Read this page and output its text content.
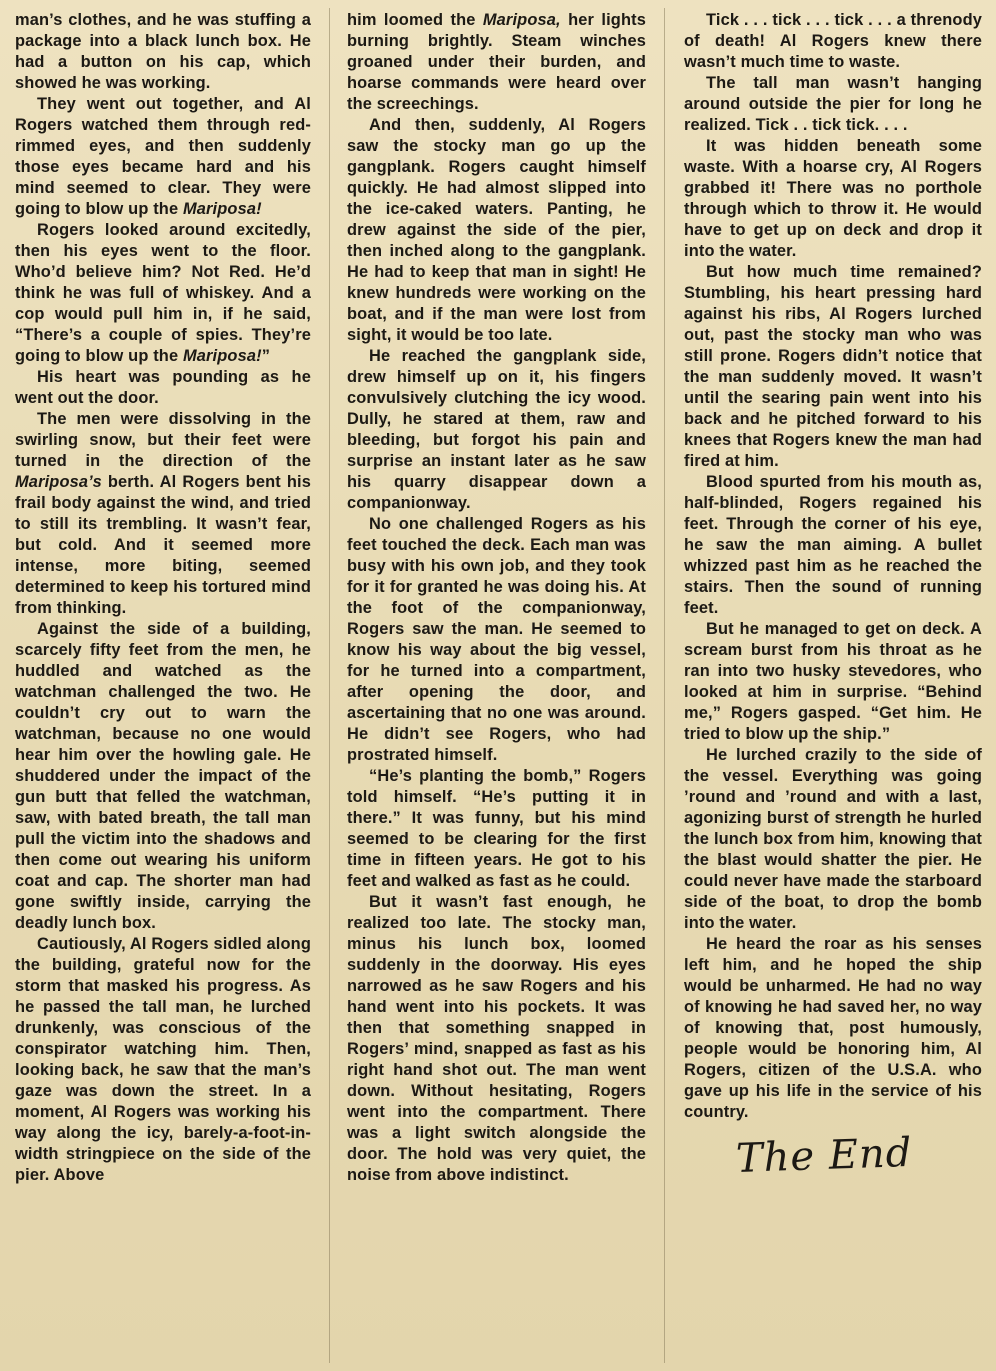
man’s clothes, and he was stuffing a package into a black lunch box. He had a button on his cap, which showed he was working.

They went out together, and Al Rogers watched them through red-rimmed eyes, and then suddenly those eyes became hard and his mind seemed to clear. They were going to blow up the Mariposa!

Rogers looked around excitedly, then his eyes went to the floor. Who’d believe him? Not Red. He’d think he was full of whiskey. And a cop would pull him in, if he said, “There’s a couple of spies. They’re going to blow up the Mariposa!”

His heart was pounding as he went out the door.

The men were dissolving in the swirling snow, but their feet were turned in the direction of the Mariposa’s berth. Al Rogers bent his frail body against the wind, and tried to still its trembling. It wasn’t fear, but cold. And it seemed more intense, more biting, seemed determined to keep his tortured mind from thinking.

Against the side of a building, scarcely fifty feet from the men, he huddled and watched as the watchman challenged the two. He couldn’t cry out to warn the watchman, because no one would hear him over the howling gale. He shuddered under the impact of the gun butt that felled the watchman, saw, with bated breath, the tall man pull the victim into the shadows and then come out wearing his uniform coat and cap. The shorter man had gone swiftly inside, carrying the deadly lunch box.

Cautiously, Al Rogers sidled along the building, grateful now for the storm that masked his progress. As he passed the tall man, he lurched drunkenly, was conscious of the conspirator watching him. Then, looking back, he saw that the man’s gaze was down the street. In a moment, Al Rogers was working his way along the icy, barely-a-foot-in-width stringpiece on the side of the pier. Above

him loomed the Mariposa, her lights burning brightly. Steam winches groaned under their burden, and hoarse commands were heard over the screechings.

And then, suddenly, Al Rogers saw the stocky man go up the gangplank. Rogers caught himself quickly. He had almost slipped into the ice-caked waters. Panting, he drew against the side of the pier, then inched along to the gangplank. He had to keep that man in sight! He knew hundreds were working on the boat, and if the man were lost from sight, it would be too late.

He reached the gangplank side, drew himself up on it, his fingers convulsively clutching the icy wood. Dully, he stared at them, raw and bleeding, but forgot his pain and surprise an instant later as he saw his quarry disappear down a companionway.

No one challenged Rogers as his feet touched the deck. Each man was busy with his own job, and they took for it for granted he was doing his. At the foot of the companionway, Rogers saw the man. He seemed to know his way about the big vessel, for he turned into a compartment, after opening the door, and ascertaining that no one was around. He didn’t see Rogers, who had prostrated himself.

“He’s planting the bomb,” Rogers told himself. “He’s putting it in there.” It was funny, but his mind seemed to be clearing for the first time in fifteen years. He got to his feet and walked as fast as he could.

But it wasn’t fast enough, he realized too late. The stocky man, minus his lunch box, loomed suddenly in the doorway. His eyes narrowed as he saw Rogers and his hand went into his pockets. It was then that something snapped in Rogers’ mind, snapped as fast as his right hand shot out. The man went down. Without hesitating, Rogers went into the compartment. There was a light switch alongside the door. The hold was very quiet, the noise from above indistinct.

Tick . . . tick . . . tick . . . a threnody of death! Al Rogers knew there wasn’t much time to waste.

The tall man wasn’t hanging around outside the pier for long he realized. Tick . . tick tick. . . .

It was hidden beneath some waste. With a hoarse cry, Al Rogers grabbed it! There was no porthole through which to throw it. He would have to get up on deck and drop it into the water.

But how much time remained? Stumbling, his heart pressing hard against his ribs, Al Rogers lurched out, past the stocky man who was still prone. Rogers didn’t notice that the man suddenly moved. It wasn’t until the searing pain went into his back and he pitched forward to his knees that Rogers knew the man had fired at him.

Blood spurted from his mouth as, half-blinded, Rogers regained his feet. Through the corner of his eye, he saw the man aiming. A bullet whizzed past him as he reached the stairs. Then the sound of running feet.

But he managed to get on deck. A scream burst from his throat as he ran into two husky stevedores, who looked at him in surprise. “Behind me,” Rogers gasped. “Get him. He tried to blow up the ship.”

He lurched crazily to the side of the vessel. Everything was going ’round and ’round and with a last, agonizing burst of strength he hurled the lunch box from him, knowing that the blast would shatter the pier. He could never have made the starboard side of the boat, to drop the bomb into the water.

He heard the roar as his senses left him, and he hoped the ship would be unharmed. He had no way of knowing he had saved her, no way of knowing that, post humously, people would be honoring him, Al Rogers, citizen of the U.S.A. who gave up his life in the service of his country.

The End
